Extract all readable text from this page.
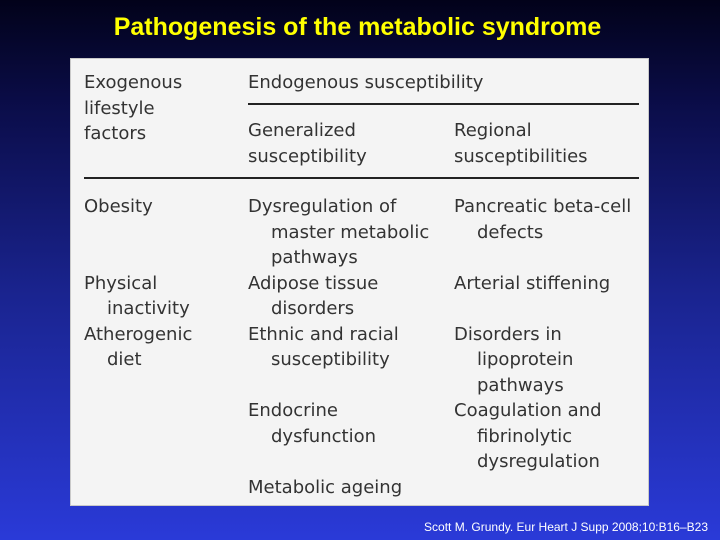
Pathogenesis of the metabolic syndrome
Exogenous
lifestyle
factors
Endogenous susceptibility
Generalized
susceptibility
Regional
susceptibilities
Obesity
Physical
inactivity
Atherogenic
diet
Dysregulation of
master metabolic
pathways
Adipose tissue
disorders
Ethnic and racial
susceptibility
Endocrine
dysfunction
Metabolic ageing
Pancreatic beta-cell
defects
Arterial stiffening
Disorders in
lipoprotein
pathways
Coagulation and
fibrinolytic
dysregulation
Scott M. Grundy. Eur Heart J Supp 2008;10:B16–B23
